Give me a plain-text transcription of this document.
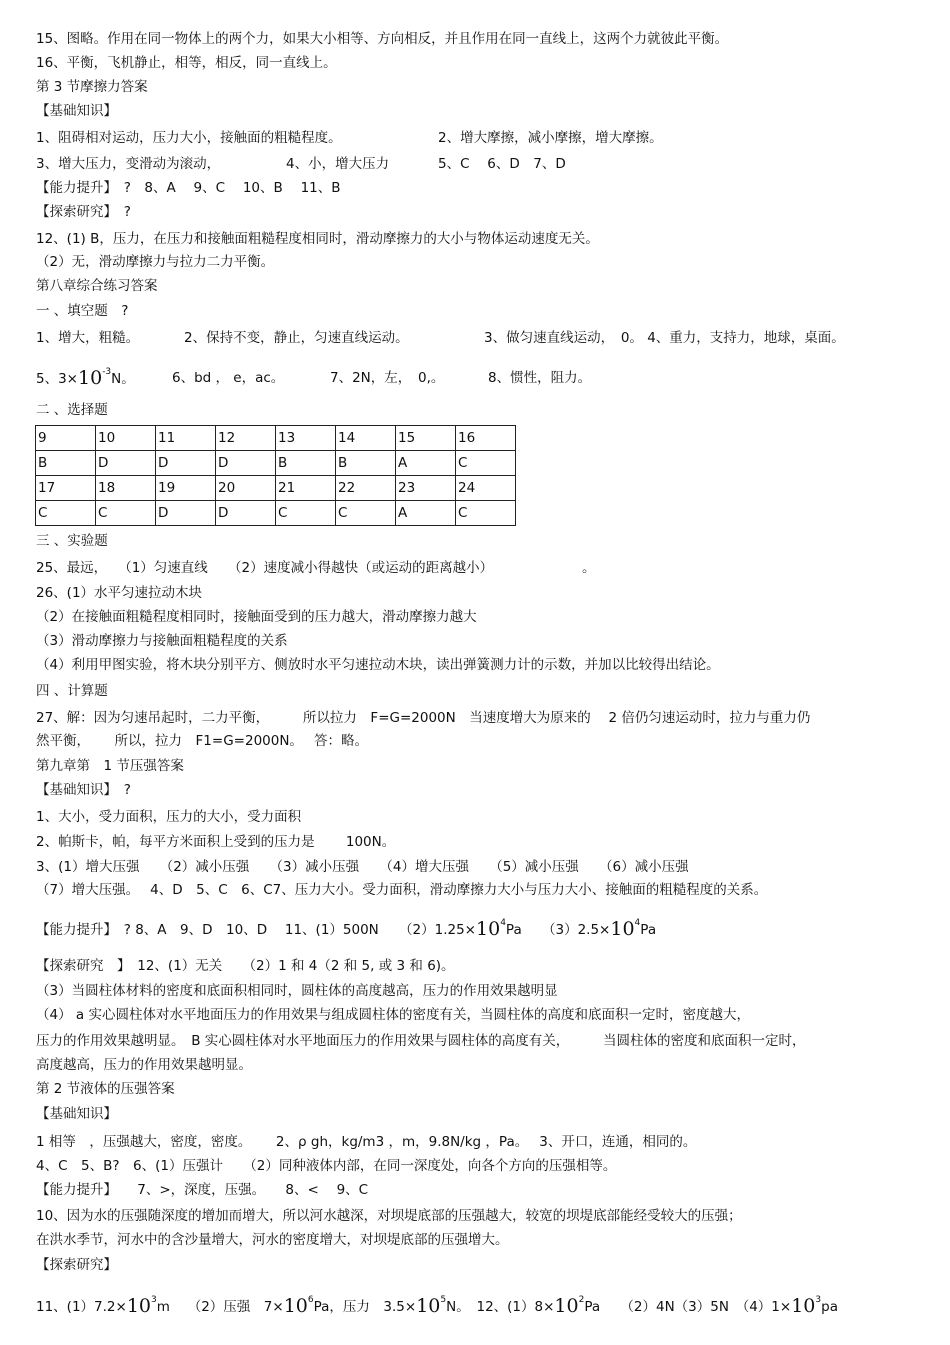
15、图略。作用在同一物体上的两个力，如果大小相等、方向相反，并且作用在同一直线上，这两个力就彼此平衡。
16、平衡，飞机静止，相等，相反，同一直线上。
第 3 节摩擦力答案
【基础知识】
1、阻碍相对运动，压力大小，接触面的粗糙程度。	2、增大摩擦，减小摩擦，增大摩擦。
3、增大压力，变滑动为滚动，	4、小，增大压力	5、C　 6、D　7、D
【能力提升】　?　8、A　 9、C　 10、B　 11、B
【探索研究】　?
12、(1) B，压力，在压力和接触面粗糙程度相同时，滑动摩擦力的大小与物体运动速度无关。
（2）无，滑动摩擦力与拉力二力平衡。
第八章综合练习答案
一 、填空题　?
1、增大，粗糙。	2、保持不变，静止，匀速直线运动。	3、做匀速直线运动，　0。 4、重力，支持力，地球，桌面。
5、$3\times 10^{-3}N$。	6、bd ， e，ac。	7、2N，左，　0,。	8、惯性，阻力。
二 、选择题
9	10	11	12	13	14	15	16
B	D	D	D	B	B	A	C
17	18	19	20	21	22	23	24
C	C	D	D	C	C	A	C
三 、实验题
25、最远，　 （1）匀速直线　　（2）速度减小得越快（或运动的距离越小）	。
26、(1）水平匀速拉动木块
（2）在接触面粗糙程度相同时，接触面受到的压力越大，滑动摩擦力越大
（3）滑动摩擦力与接触面粗糙程度的关系
（4）利用甲图实验，将木块分别平方、侧放时水平匀速拉动木块，读出弹簧测力计的示数，并加以比较得出结论。
四 、计算题
27、解：因为匀速吊起时，二力平衡，　　　所以拉力　F=G=2000N　当速度增大为原来的　 2 倍仍匀速运动时，拉力与重力仍
然平衡，　　 所以，拉力　F1=G=2000N。　 答：略。
第九章第　1 节压强答案
【基础知识】　?
1、大小，受力面积，压力的大小，受力面积
2、帕斯卡，帕，每平方米面积上受到的压力是　　 100N。
3、(1）增大压强　　（2）减小压强　　（3）减小压强　　（4）增大压强　　（5）减小压强　　（6）减小压强
（7）增大压强。　 4、D　5、C　6、C7、压力大小。受力面积，滑动摩擦力大小与压力大小、接触面的粗糙程度的关系。
【能力提升】　? 8、A　9、D　10、D　 11、(1）500N　　$(2)1.25\times 10^4Pa$　　$(3)2.5\times 10^4Pa$
【探索研究　】　12、(1）无关　　（2）1 和 4（2 和 5, 或 3 和 6)。
（3）当圆柱体材料的密度和底面积相同时，圆柱体的高度越高，压力的作用效果越明显
（4） a 实心圆柱体对水平地面压力的作用效果与组成圆柱体的密度有关，当圆柱体的高度和底面积一定时，密度越大，
压力的作用效果越明显。　B 实心圆柱体对水平地面压力的作用效果与圆柱体的高度有关，　　　当圆柱体的密度和底面积一定时，
高度越高，压力的作用效果越明显。
第 2 节液体的压强答案
【基础知识】
1 相等　，压强越大，密度，密度。　　 2、ρ gh，kg/m3 ，m，9.8N/kg ，Pa。　 3、开口，连通，相同的。
4、C　5、B?　6、(1）压强计　　（2）同种液体内部，在同一深度处，向各个方向的压强相等。
【能力提升】　　7、>，深度，压强。　　8、<　 9、C
10、因为水的压强随深度的增加而增大，所以河水越深，对坝堤底部的压强越大，较宽的坝堤底部能经受较大的压强；
在洪水季节，河水中的含沙量增大，河水的密度增大，对坝堤底部的压强增大。
【探索研究】
11、$(1)7.2\times 10^3m$　 （2）压强　$7\times 10^6Pa$，压力　$3.5\times 10^5N$。　12、$(1)8\times 10^2Pa$　　（2）4N（3）5N　$(4)1\times 10^3pa$
